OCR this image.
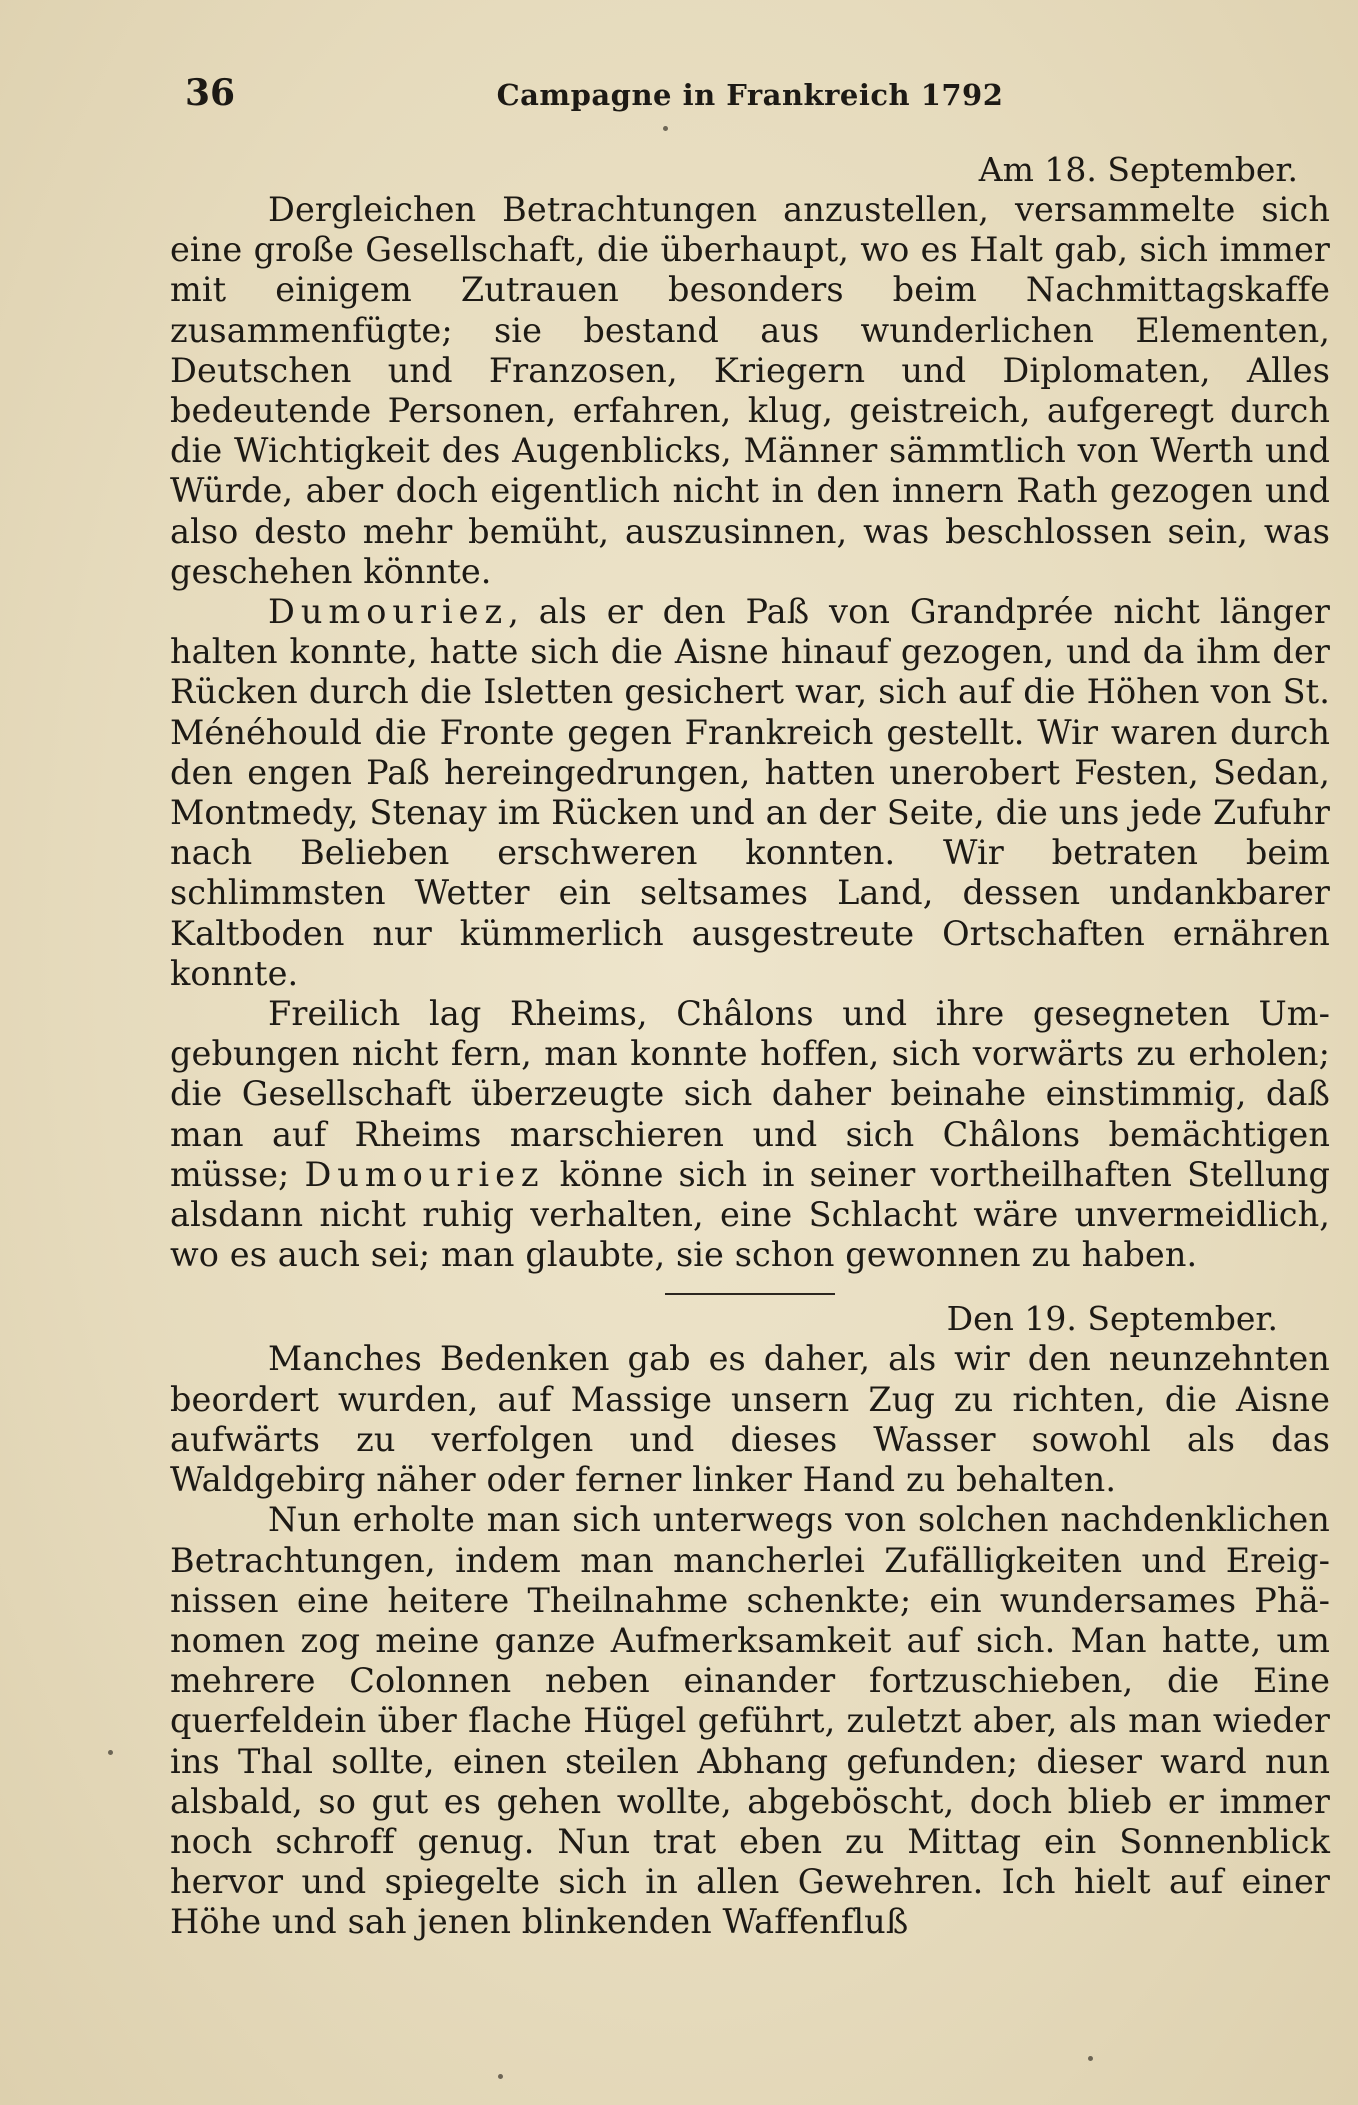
36	Campagne in Frankreich 1792
Am 18. September.

Dergleichen Betrachtungen anzustellen, versammelte sich eine große Gesellschaft, die überhaupt, wo es Halt gab, sich immer mit einigem Zutrauen besonders beim Nachmittagskaffe zusammenfügte; sie bestand aus wunderlichen Elementen, Deutschen und Franzosen, Kriegern und Diplomaten, Alles bedeutende Personen, erfahren, klug, geistreich, aufgeregt durch die Wichtigkeit des Augenblicks, Männer sämmtlich von Werth und Würde, aber doch eigentlich nicht in den innern Rath gezogen und also desto mehr bemüht, auszusinnen, was beschlossen sein, was geschehen könnte.

Dumouriez, als er den Paß von Grandprée nicht länger halten konnte, hatte sich die Aisne hinauf gezogen, und da ihm der Rücken durch die Isletten gesichert war, sich auf die Höhen von St. Ménéhould die Fronte gegen Frankreich gestellt. Wir waren durch den engen Paß hereingedrungen, hatten unerobert Festen, Sedan, Montmedy, Stenay im Rücken und an der Seite, die uns jede Zufuhr nach Belieben erschweren konnten. Wir betraten beim schlimmsten Wetter ein seltsames Land, dessen undankbarer Kaltboden nur kümmerlich ausgestreute Ortschaften ernähren konnte.

Freilich lag Rheims, Châlons und ihre gesegneten Umgebungen nicht fern, man konnte hoffen, sich vorwärts zu erholen; die Gesellschaft überzeugte sich daher beinahe einstimmig, daß man auf Rheims marschieren und sich Châlons bemächtigen müsse; Dumouriez könne sich in seiner vortheilhaften Stellung alsdann nicht ruhig verhalten, eine Schlacht wäre unvermeidlich, wo es auch sei; man glaubte, sie schon gewonnen zu haben.

Den 19. September.

Manches Bedenken gab es daher, als wir den neunzehnten beordert wurden, auf Massige unsern Zug zu richten, die Aisne aufwärts zu verfolgen und dieses Wasser sowohl als das Waldgebirg näher oder ferner linker Hand zu behalten.

Nun erholte man sich unterwegs von solchen nachdenklichen Betrachtungen, indem man mancherlei Zufälligkeiten und Ereignissen eine heitere Theilnahme schenkte; ein wundersames Phänomen zog meine ganze Aufmerksamkeit auf sich. Man hatte, um mehrere Colonnen neben einander fortzuschieben, die Eine querfeldein über flache Hügel geführt, zuletzt aber, als man wieder ins Thal sollte, einen steilen Abhang gefunden; dieser ward nun alsbald, so gut es gehen wollte, abgeböscht, doch blieb er immer noch schroff genug. Nun trat eben zu Mittag ein Sonnenblick hervor und spiegelte sich in allen Gewehren. Ich hielt auf einer Höhe und sah jenen blinkenden Waffenfluß
